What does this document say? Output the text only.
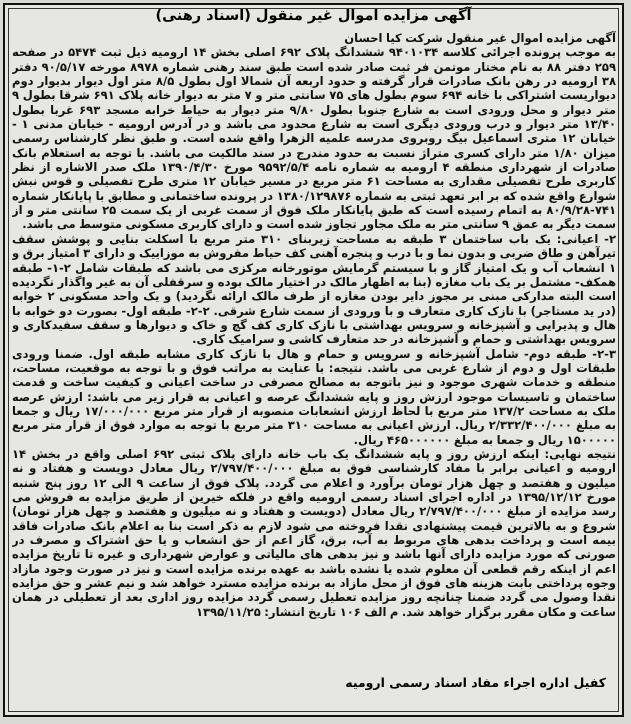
آگهی مزایده اموال غیر منقول (اسناد رهنی)

آگهی مزایده اموال غیر منقول شرکت کیا احسان

به موجب پرونده اجرائی کلاسه ۹۴۰۱۰۳۴ ششدانگ پلاک ۶۹۲ اصلی بخش ۱۴ ارومیه ذیل ثبت ۵۴۷۴ در صفحه ۲۵۹ دفتر ۸۸ به نام مختار موتمن فر ثبت صادر شده است طبق سند رهنی شماره ۸۹۷۸ مورخه ۹۰/۵/۱۷ دفتر ۳۸ ارومیه در رهن بانک صادرات قرار گرفته و حدود اربعه آن شمالا اول بطول ۸/۵ متر اول دیوار بدیوار دوم دیواریست اشتراکی با خانه ۶۹۴ سوم بطول های ۷۵ سانتی متر و ۷ متر به دیوار خانه پلاک ۶۹۱ شرقا بطول ۹ متر دیوار و محل ورودی است به شارع جنوبا بطول ۹/۸۰ متر دیوار به حیاط خرابه مسجد ۶۹۳ غربا بطول ۱۳/۴۰ متر دیوار و درب ورودی دیگری است به شارع محدود می باشد و در آدرس ارومیه - خیابان مدنی ۱ - خیابان ۱۲ متری اسماعیل بیگ روبروی مدرسه علمیه الزهرا واقع شده است. و طبق نظر کارشناس رسمی میزان ۱/۸۰ متر دارای کسری متراژ نسبت به حدود مندرج در سند مالکیت می باشد. با توجه به استعلام بانک صادرات از شهرداری منطقه ۴ ارومیه به شماره نامه ۹۵۹۲/۵/۴ مورخ ۱۳۹۰/۴/۳۰ ملک صدر الاشاره از نظر کاربری طرح تفصیلی مقداری به مساحت ۶۱ متر مربع در مسیر خیابان ۱۲ متری طرح تفصیلی و قوس نبش شوارع واقع شده که بر ابر تعهد ثبتی به شماره ۱۳۸۰/۱۲۹۸۷۶ در پرونده ساختمانی و مطابق با پایانکار شماره ۷۴۱-۸۰/۹/۲۸ به اتمام رسیده است که طبق پایانکار ملک فوق از سمت غربی از یک سمت ۲۵ سانتی متر و از سمت دیگر به عمق ۹ سانتی متر به ملک مجاور تجاوز شده است و دارای کاربری مسکونی متوسط می باشد.

۲- اعیانی: یک باب ساختمان ۳ طبقه به مساحت زیربنای ۳۱۰ متر مربع با اسکلت بنایی و پوشش سقف تیرآهن و طاق ضربی و بدون نما و با درب و پنجره آهنی کف حیاط مفروش به موزاییک و دارای ۳ امتیاز برق و ۱ انشعاب آب و یک امتیاز گاز و با سیستم گرمایش موتورخانه مرکزی می باشد که طبقات شامل ۲-۱- طبقه همکف- مشتمل بر یک باب مغازه (بنا به اظهار مالک در اختیار مالک بوده و سرقفلی آن به غیر واگذار نگردیده است البته مدارکی مبنی بر مجوز دایر بودن مغازه از طرف مالک ارائه نگردید) و یک واحد مسکونی ۲ خوابه (در ید مستاجر) با نازک کاری متعارف و با ورودی از سمت شارع شرقی. ۲-۲- طبقه اول- بصورت دو خوابه با هال و پذیرایی و آشپزخانه و سرویس بهداشتی با نازک کاری کف گچ و خاک و دیوارها و سقف سفیدکاری و سرویس بهداشتی و حمام و آشپزخانه در حد متعارف کاشی و سرامیک کاری.

۲-۳- طبقه دوم- شامل آشپزخانه و سرویس و حمام و هال با نازک کاری مشابه طبقه اول. ضمنا ورودی طبقات اول و دوم از شارع غربی می باشد. نتیجه: با عنایت به مراتب فوق و با توجه به موقعیت، مساحت، منطقه و خدمات شهری موجود و نیز باتوجه به مصالح مصرفی در ساخت اعیانی و کیفیت ساخت و قدمت ساختمان و تاسیسات موجود ارزش روز و پایه ششدانگ عرصه و اعیانی به قرار زیر می باشد: ارزش عرصه ملک به مساحت ۱۳۷/۲ متر مربع با لحاظ ارزش انشعابات منصوبه از قرار متر مربع ۱۷/۰۰۰/۰۰۰ ریال و جمعا به مبلغ ۲/۳۳۲/۴۰۰/۰۰۰ ریال. ارزش اعیانی به مساحت ۳۱۰ متر مربع با توجه به موارد فوق از قرار متر مربع ۱۵۰۰۰۰۰ ریال و جمعا به مبلغ ۴۶۵۰۰۰۰۰۰ ریال.

نتیجه نهایی: اینکه ارزش روز و پایه ششدانگ یک باب خانه دارای پلاک ثبتی ۶۹۲ اصلی واقع در بخش ۱۴ ارومیه و اعیانی برابر با مفاد کارشناسی فوق به مبلغ ۲/۷۹۷/۴۰۰/۰۰۰ ریال معادل دویست و هفتاد و نه میلیون و هفتصد و چهل هزار تومان برآورد و اعلام می گردد. پلاک فوق از ساعت ۹ الی ۱۲ روز پنج شنبه مورخ ۱۳۹۵/۱۲/۱۲ در اداره اجرای اسناد رسمی ارومیه واقع در فلکه خیرین از طریق مزایده به فروش می رسد مزایده از مبلغ ۲/۷۹۷/۴۰۰/۰۰۰ ریال معادل (دویست و هفتاد و نه میلیون و هفتصد و چهل هزار تومان) شروع و به بالاترین قیمت پیشنهادی نقدا فروخته می شود لازم به ذکر است بنا به اعلام بانک صادرات فاقد بیمه است و پرداخت بدهی های مربوط به آب، برق، گاز اعم از حق انشعاب و یا حق اشتراک و مصرف در صورتی که مورد مزایده دارای آنها باشد و نیز بدهی های مالیاتی و عوارض شهرداری و غیره تا تاریخ مزایده اعم از اینکه رقم قطعی آن معلوم شده یا نشده باشد به عهده برنده مزایده است و نیز در صورت وجود مازاد وجوه پرداختی بابت هزینه های فوق از محل مازاد به برنده مزایده مسترد خواهد شد و نیم عشر و حق مزایده نقدا وصول می گردد ضمنا چنانچه روز مزایده تعطیل رسمی گردد مزایده روز اداری بعد از تعطیلی در همان ساعت و مکان مقرر برگزار خواهد شد. م الف ۱۰۶ تاریخ انتشار: ۱۳۹۵/۱۱/۲۵

کفیل اداره اجراء مفاد اسناد رسمی ارومیه
